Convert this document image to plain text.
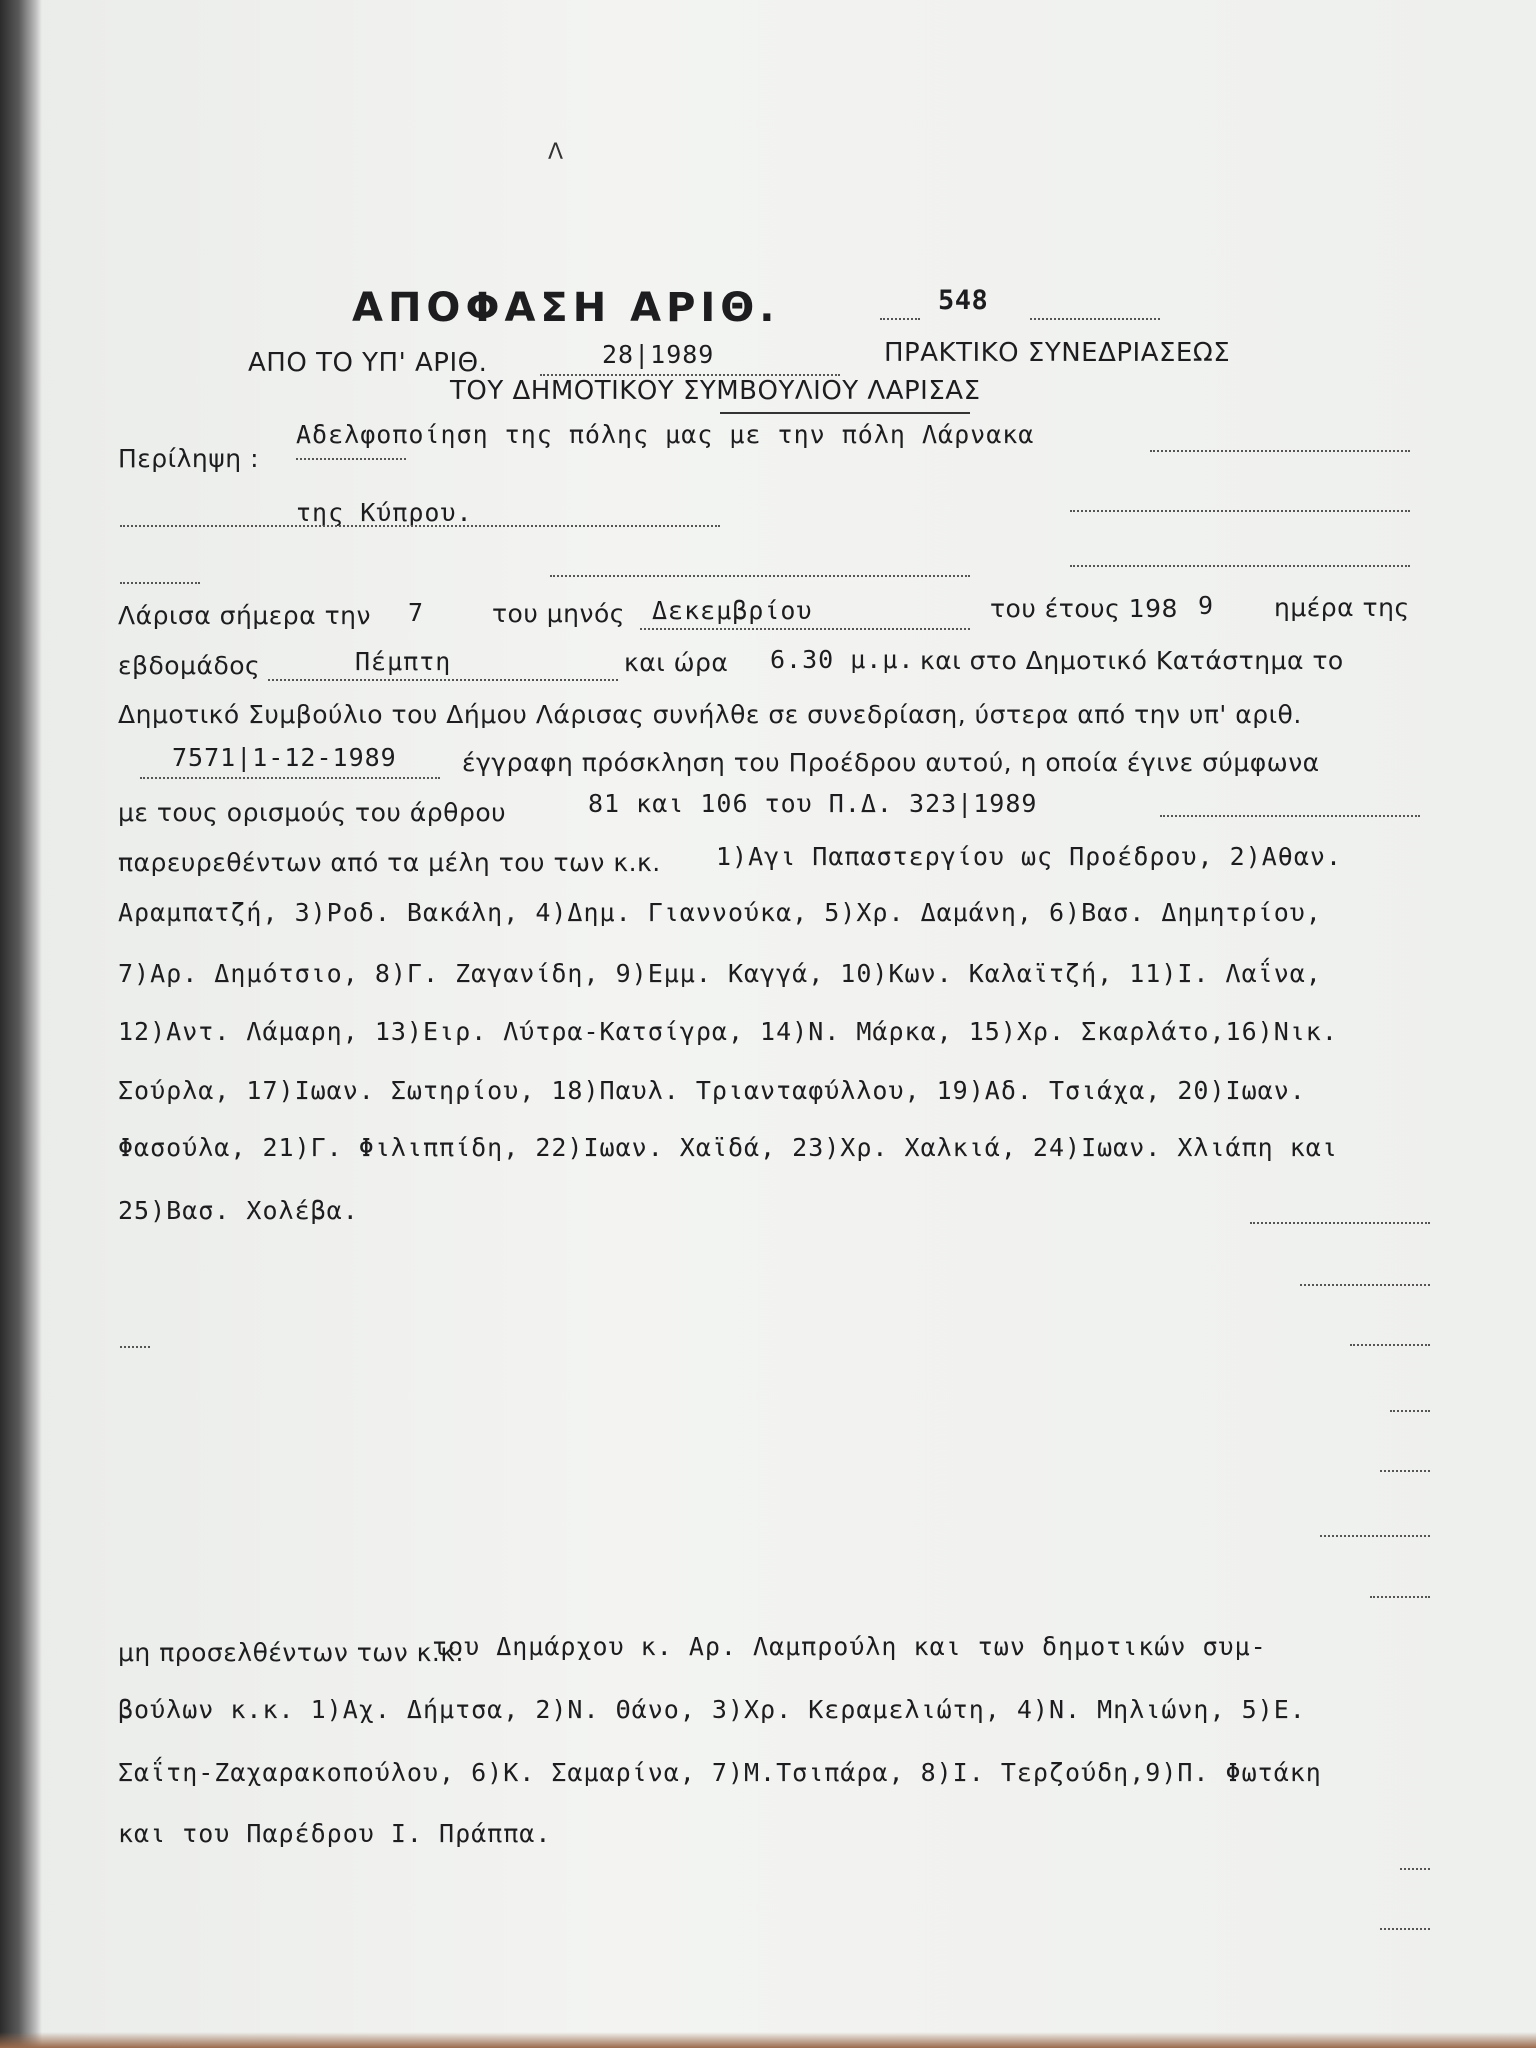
Λ
ΑΠΟΦΑΣΗ ΑΡΙΘ.	548
ΑΠΟ ΤΟ ΥΠ' ΑΡΙΘ.	28|1989	ΠΡΑΚΤΙΚΟ ΣΥΝΕΔΡΙΑΣΕΩΣ
ΤΟΥ ΔΗΜΟΤΙΚΟΥ ΣΥΜΒΟΥΛΙΟΥ ΛΑΡΙΣΑΣ
Περίληψη :
Αδελφοποίηση της πόλης μας με την πόλη Λάρνακα
της Κύπρου.
Λάρισα σήμερα την 7	του μηνός Δεκεμβρίου	του έτους 198 9 ημέρα της
εβδομάδος	Πέμπτη	και ώρα 6.30 μ.μ. και στο Δημοτικό Κατάστημα το
Δημοτικό Συμβούλιο του Δήμου Λάρισας συνήλθε σε συνεδρίαση, ύστερα από την υπ' αριθ.
7571|1-12-1989	έγγραφη πρόσκληση του Προέδρου αυτού, η οποία έγινε σύμφωνα
με τους ορισμούς του άρθρου	81 και 106 του Π.Δ. 323|1989
παρευρεθέντων από τα μέλη του των κ.κ. 1)Αγι Παπαστεργίου ως Προέδρου, 2)Αθαν.
Αραμπατζή, 3)Ροδ. Βακάλη, 4)Δημ. Γιαννούκα, 5)Χρ. Δαμάνη, 6)Βασ. Δημητρίου,
7)Αρ. Δημότσιο, 8)Γ. Ζαγανίδη, 9)Εμμ. Καγγά, 10)Κων. Καλαϊτζή, 11)Ι. Λαΐνα,
12)Αντ. Λάμαρη, 13)Ειρ. Λύτρα-Κατσίγρα, 14)Ν. Μάρκα, 15)Χρ. Σκαρλάτο,16)Νικ.
Σούρλα, 17)Ιωαν. Σωτηρίου, 18)Παυλ. Τριανταφύλλου, 19)Αδ. Τσιάχα, 20)Ιωαν.
Φασούλα, 21)Γ. Φιλιππίδη, 22)Ιωαν. Χαϊδά, 23)Χρ. Χαλκιά, 24)Ιωαν. Χλιάπη και
25)Βασ. Χολέβα.
μη προσελθέντων των κ.κ.
του Δημάρχου κ. Αρ. Λαμπρούλη και των δημοτικών συμ-
βούλων κ.κ. 1)Αχ. Δήμτσα, 2)Ν. Θάνο, 3)Χρ. Κεραμελιώτη, 4)Ν. Μηλιώνη, 5)Ε.
Σαΐτη-Ζαχαρακοπούλου, 6)Κ. Σαμαρίνα, 7)Μ.Τσιπάρα, 8)Ι. Τερζούδη,9)Π. Φωτάκη
και του Παρέδρου Ι. Πράππα.
